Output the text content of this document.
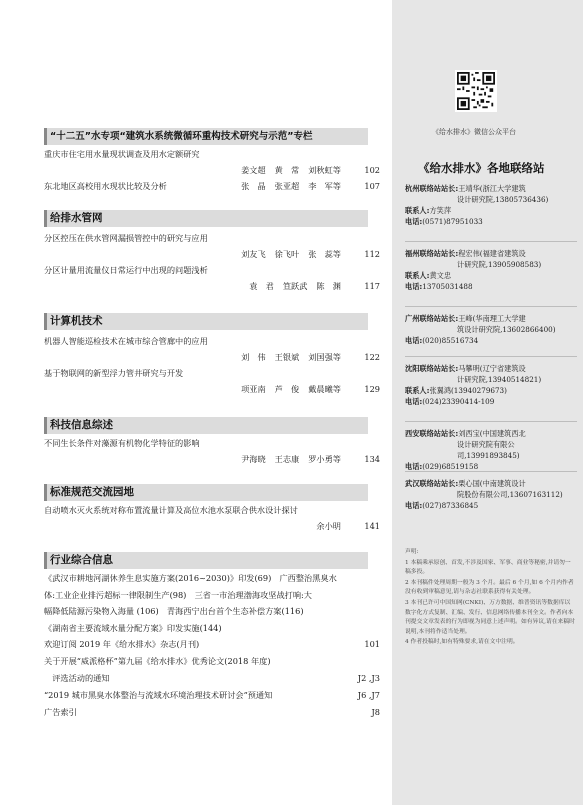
“十二五”水专项“建筑水系统微循环重构技术研究与示范”专栏
重庆市住宅用水量现状调查及用水定额研究
姜文超 黄　常 刘秋虹等	102
东北地区高校用水现状比较及分析	张　晶 张亚超 李　军等	107
给排水管网
分区控压在供水管网漏损管控中的研究与应用
刘友飞 徐飞叶 张　蕊等	112
分区计量用流量仪日常运行中出现的问题浅析
袁　君 笪跃武 陈　渊	117
计算机技术
机器人智能巡检技术在城市综合管廊中的应用
刘　伟 王银斌 刘国强等	122
基于物联网的新型浮力管井研究与开发
项亚南 芦　俊 戴晨曦等	129
科技信息综述
不同生长条件对藻源有机物化学特征的影响
尹海晓 王志康 罗小勇等	134
标准规范交流园地
自动喷水灭火系统对称布置流量计算及高位水池水泵联合供水设计探讨
余小明	141
行业综合信息
《武汉市耕地河湖休养生息实施方案(2016~2030)》印发(69)　广西整治黑臭水
体:工业企业排污超标一律限制生产(98)　三省一市治理渤海攻坚战打响:大
幅降低陆源污染物入海量 (106)　青海西宁出台首个生态补偿方案(116)
《湖南省主要流域水量分配方案》印发实施(144)
欢迎订阅 2019 年《给水排水》杂志(月刊)	101
关于开展“威派格杯”第九届《给水排水》优秀论文(2018 年度)
　评选活动的通知	J2 ,J3
“2019 城市黑臭水体整治与流域水环境治理技术研讨会”预通知	J6 ,J7
广告索引	J8
《给水排水》微信公众平台
《给水排水》各地联络站
杭州联络站站长:王靖华(浙江大学建筑
设计研究院,13805736436)
联系人:方笑萍
电话:(0571)87951033
福州联络站站长:程宏伟(福建省建筑设
计研究院,13905908583)
联系人:黄文忠
电话:13705031488
广州联络站站长:王峰(华南理工大学建
筑设计研究院,13602866400)
电话:(020)85516734
沈阳联络站站长:马攀明(辽宁省建筑设
计研究院,13940514821)
联系人:张翼鸿(13940279673)
电话:(024)23390414-109
西安联络站站长:刘西宝(中国建筑西北
设计研究院有限公司,13991893845)
电话:(029)68519158
武汉联络站站长:栗心国(中南建筑设计
院股份有限公司,13607163112)
电话:(027)87336845

声明:

1 本稿乘承原创、首发,不涉及国家、军事、商业等秘密,并请勿一稿多投。

2 本刊稿件处理周期一般为 3 个月。最后 6 个月,如 6 个月内作者没有收到审稿意见,请与杂志社联系获得有关处理。

3 本刊已许可中国知网(CNKI)、万方数据、维普资讯等数据库以数字化方式复制、汇编、发行、信息网络传播本刊全文。作者向本刊提交文章发表的行为即视为同意上述声明。如有异议,请在来稿时说明,本刊将作适当处理。

4 作者投稿时,如有特殊要求,请在文中注明。
